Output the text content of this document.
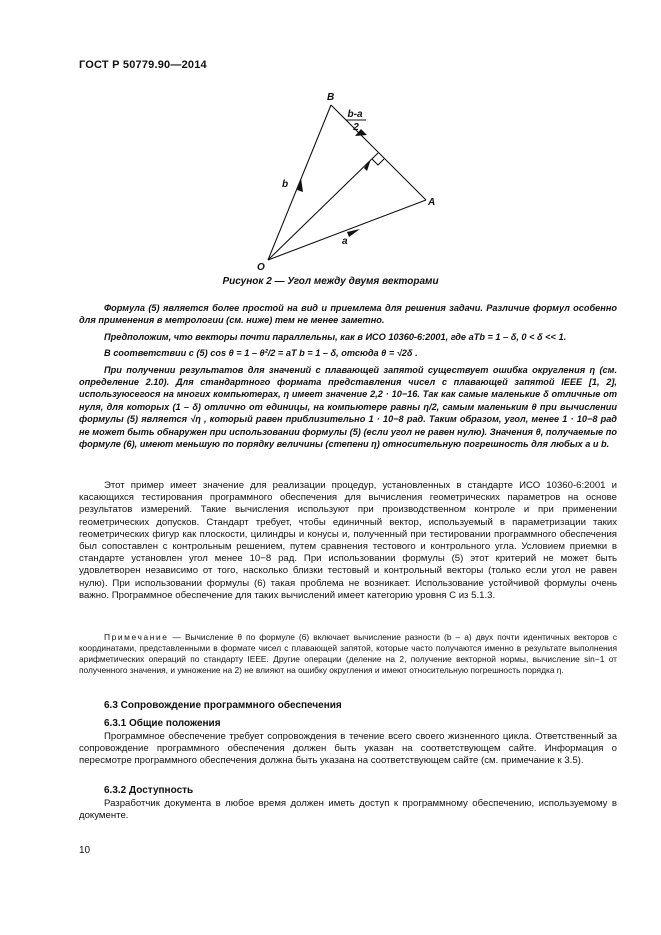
ГОСТ Р 50779.90—2014
B
A
O
b
a
b-a
2
Рисунок 2 — Угол между двумя векторами

Формула (5) является более простой на вид и приемлема для решения задачи. Различие формул особенно для применения в метрологии (см. ниже) тем не менее заметно.

Предположим, что векторы почти параллельны, как в ИСО 10360-6:2001, где aTb = 1 – δ, 0 < δ << 1.

В соответствии с (5) cos θ = 1 – θ²/2 = aT b = 1 – δ, отсюда θ = √2δ .

При получении результатов для значений с плавающей запятой существует ошибка округления η (см. определение 2.10). Для стандартного формата представления чисел с плавающей запятой IEEE [1, 2], используюсегося на многих компьютерах, η имеет значение 2,2 · 10−16. Так как самые маленькие δ отличные от нуля, для которых (1 – δ) отлично от единицы, на компьютере равны η/2, самым маленьким θ при вычислении формулы (5) является √η , который равен приблизительно 1 · 10−8 рад. Таким образом, угол, менее 1 · 10−8 рад не может быть обнаружен при использовании формулы (5) (если угол не равен нулю). Значения θ, получаемые по формуле (6), имеют меньшую по порядку величины (степени η) относительную погрешность для любых a и b.

Этот пример имеет значение для реализации процедур, установленных в стандарте ИСО 10360-6:2001 и касающихся тестирования программного обеспечения для вычисления геометрических параметров на основе результатов измерений. Такие вычисления используют при производственном контроле и при применении геометрических допусков. Стандарт требует, чтобы единичный вектор, используемый в параметризации таких геометрических фигур как плоскости, цилиндры и конусы и, полученный при тестировании программного обеспечения был сопоставлен с контрольным решением, путем сравнения тестового и контрольного угла. Условием приемки в стандарте установлен угол менее 10−8 рад. При использовании формулы (5) этот критерий не может быть удовлетворен независимо от того, насколько близки тестовый и контрольный векторы (только если угол не равен нулю). При использовании формулы (6) такая проблема не возникает. Использование устойчивой формулы очень важно. Программное обеспечение для таких вычислений имеет категорию уровня С из 5.1.3.

Примечание — Вычисление θ по формуле (6) включает вычисление разности (b – a) двух почти идентичных векторов с координатами, представленными в формате чисел с плавающей запятой, которые часто получаются именно в результате выполнения арифметических операций по стандарту IEEE. Другие операции (деление на 2, получение векторной нормы, вычисление sin−1 от полученного значения, и умножение на 2) не влияют на ошибку округления и имеют относительную погрешность порядка η.

6.3 Сопровождение программного обеспечения
6.3.1 Общие положения

Программное обеспечение требует сопровождения в течение всего своего жизненного цикла. Ответственный за сопровождение программного обеспечения должен быть указан на соответствующем сайте. Информация о пересмотре программного обеспечения должна быть указана на соответствующем сайте (см. примечание к 3.5).

6.3.2 Доступность

Разработчик документа в любое время должен иметь доступ к программному обеспечению, используемому в документе.

10
